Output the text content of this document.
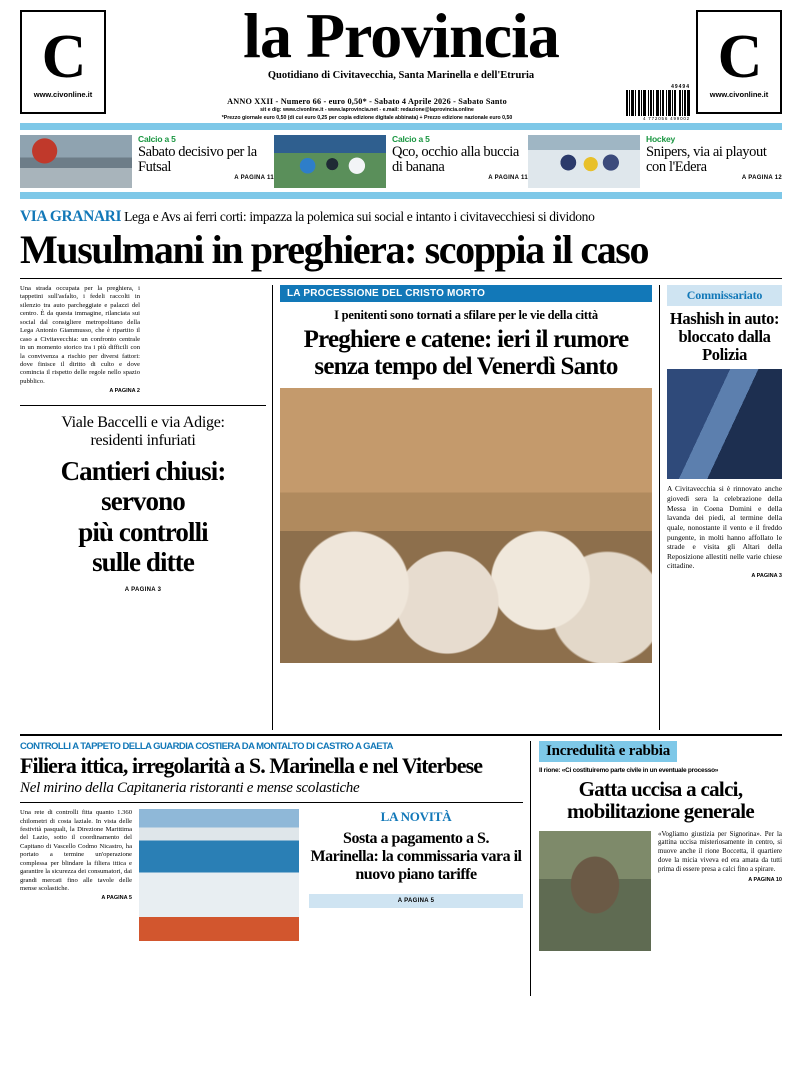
C
www.civonline.it
la Provincia
Quotidiano di Civitavecchia, Santa Marinella e dell'Etruria
ANNO XXII - Numero 66 - euro 0,50* - Sabato 4 Aprile 2026 - Sabato Santo
sit e dig: www.civonline.it - www.laprovincia.net - e.mail: redazione@laprovincia.online
*Prezzo giornale euro 0,50 (di cui euro 0,25 per copia edizione digitale abbinata) + Prezzo edizione nazionale euro 0,50
49494
4 772056 499002
C
www.civonline.it
Calcio a 5
Sabato decisivo per la Futsal
A PAGINA 11
Calcio a 5
Qco, occhio alla buccia di banana
A PAGINA 11
Hockey
Snipers, via ai playout con l'Edera
A PAGINA 12
VIA GRANARI Lega e Avs ai ferri corti: impazza la polemica sui social e intanto i civitavecchiesi si dividono
Musulmani in preghiera: scoppia il caso
Una strada occupata per la preghiera, i tappetini sull'asfalto, i fedeli raccolti in silenzio tra auto parcheggiate e palazzi del centro. È da questa immagine, rilanciata sui social dal consigliere metropolitano della Lega Antonio Giammusso, che è ripartito il caso a Civitavecchia: un confronto centrale in un momento storico tra i più difficili con la convivenza a rischio per diversi fattori: dove finisce il diritto di culto e dove comincia il rispetto delle regole nello spazio pubblico.
A PAGINA 2
Viale Baccelli e via Adige:
residenti infuriati
Cantieri chiusi:
servono
più controlli
sulle ditte
A PAGINA 3
LA PROCESSIONE DEL CRISTO MORTO
I penitenti sono tornati a sfilare per le vie della città
Preghiere e catene: ieri il rumore senza tempo del Venerdì Santo
Commissariato
Hashish in auto: bloccato dalla Polizia
A Civitavecchia si è rinnovato anche giovedì sera la celebrazione della Messa in Coena Domini e della lavanda dei piedi, al termine della quale, nonostante il vento e il freddo pungente, in molti hanno affollato le strade e visita gli Altari della Reposizione allestiti nelle varie chiese cittadine.
A PAGINA 3
CONTROLLI A TAPPETO DELLA GUARDIA COSTIERA DA MONTALTO DI CASTRO A GAETA
Filiera ittica, irregolarità a S. Marinella e nel Viterbese
Nel mirino della Capitaneria ristoranti e mense scolastiche
Una rete di controlli fitta quanto 1.360 chilometri di costa laziale. In vista delle festività pasquali, la Direzione Marittima del Lazio, sotto il coordinamento del Capitano di Vascello Codmo Nicastro, ha portato a termine un'operazione complessa per blindare la filiera ittica e garantire la sicurezza dei consumatori, dai grandi mercati fino alle tavole delle mense scolastiche.
A PAGINA 5
LA NOVITÀ
Sosta a pagamento a S. Marinella: la commissaria vara il nuovo piano tariffe
A PAGINA 5
Incredulità e rabbia
Il rione: «Ci costituiremo parte civile in un eventuale processo»
Gatta uccisa a calci, mobilitazione generale
«Vogliamo giustizia per Signorina». Per la gattina uccisa misteriosamente in centro, si muove anche il rione Boccetta, il quartiere dove la micia viveva ed era amata da tutti prima di essere presa a calci fino a spirare.
A PAGINA 10
